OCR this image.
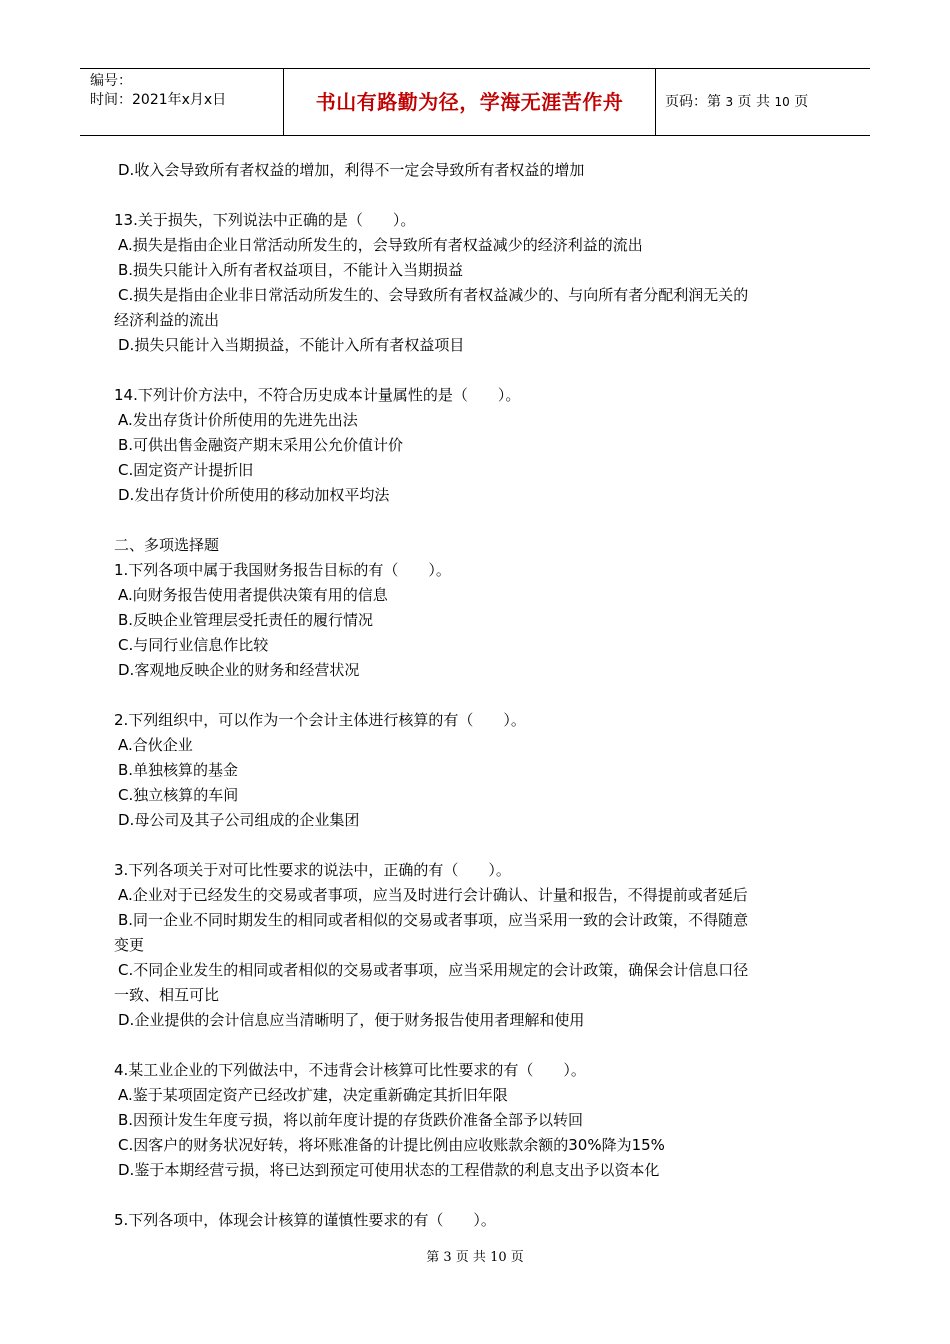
编号：
时间：2021年x月x日	书山有路勤为径，学海无涯苦作舟	页码：第 3 页 共 10 页

D.收入会导致所有者权益的增加，利得不一定会导致所有者权益的增加

13.关于损失，下列说法中正确的是（　　）。

A.损失是指由企业日常活动所发生的，会导致所有者权益减少的经济利益的流出

B.损失只能计入所有者权益项目，不能计入当期损益

C.损失是指由企业非日常活动所发生的、会导致所有者权益减少的、与向所有者分配利润无关的

经济利益的流出

D.损失只能计入当期损益，不能计入所有者权益项目

14.下列计价方法中，不符合历史成本计量属性的是（　　）。

A.发出存货计价所使用的先进先出法

B.可供出售金融资产期末采用公允价值计价

C.固定资产计提折旧

D.发出存货计价所使用的移动加权平均法

二、多项选择题

1.下列各项中属于我国财务报告目标的有（　　）。

A.向财务报告使用者提供决策有用的信息

B.反映企业管理层受托责任的履行情况

C.与同行业信息作比较

D.客观地反映企业的财务和经营状况

2.下列组织中，可以作为一个会计主体进行核算的有（　　）。

A.合伙企业

B.单独核算的基金

C.独立核算的车间

D.母公司及其子公司组成的企业集团

3.下列各项关于对可比性要求的说法中，正确的有（　　）。

A.企业对于已经发生的交易或者事项，应当及时进行会计确认、计量和报告，不得提前或者延后

B.同一企业不同时期发生的相同或者相似的交易或者事项，应当采用一致的会计政策，不得随意

变更

C.不同企业发生的相同或者相似的交易或者事项，应当采用规定的会计政策，确保会计信息口径

一致、相互可比

D.企业提供的会计信息应当清晰明了，便于财务报告使用者理解和使用

4.某工业企业的下列做法中，不违背会计核算可比性要求的有（　　）。

A.鉴于某项固定资产已经改扩建，决定重新确定其折旧年限

B.因预计发生年度亏损，将以前年度计提的存货跌价准备全部予以转回

C.因客户的财务状况好转，将坏账准备的计提比例由应收账款余额的30%降为15%

D.鉴于本期经营亏损，将已达到预定可使用状态的工程借款的利息支出予以资本化

5.下列各项中，体现会计核算的谨慎性要求的有（　　）。

第 3 页 共 10 页
